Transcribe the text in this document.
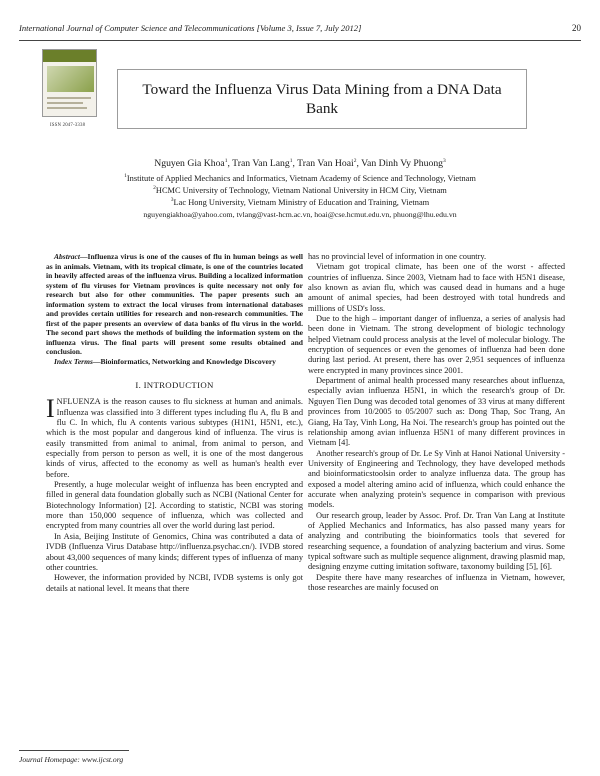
International Journal of Computer Science and Telecommunications [Volume 3, Issue 7, July 2012]	20
ISSN 2047-3338
Toward the Influenza Virus Data Mining from a DNA Data Bank
Nguyen Gia Khoa$^1$, Tran Van Lang$^1$, Tran Van Hoai$^2$, Van Dinh Vy Phuong$^3$
$^1$Institute of Applied Mechanics and Informatics, Vietnam Academy of Science and Technology, Vietnam
$^2$HCMC University of Technology, Vietnam National University in HCM City, Vietnam
$^3$Lac Hong University, Vietnam Ministry of Education and Training, Vietnam
nguyengiakhoa@yahoo.com, tvlang@vast-hcm.ac.vn, hoai@cse.hcmut.edu.vn, phuong@lhu.edu.vn

Abstract—Influenza virus is one of the causes of flu in human beings as well as in animals. Vietnam, with its tropical climate, is one of the countries located in heavily affected areas of the influenza virus. Building a localized information system of flu viruses for Vietnam provinces is quite necessary not only for research but also for other communities. The paper presents such an information system to extract the local viruses from international databases and provides certain utilities for research and non-research communities. The first of the paper presents an overview of data banks of flu virus in the world. The second part shows the methods of building the information system on the influenza virus. The final parts will present some results obtained and conclusion.

Index Terms—Bioinformatics, Networking and Knowledge Discovery

I. INTRODUCTION

INFLUENZA is the reason causes to flu sickness at human and animals. Influenza was classified into 3 different types including flu A, flu B and flu C. In which, flu A contents various subtypes (H1N1, H5N1, etc.), which is the most popular and dangerous kind of influenza. The virus is easily transmitted from animal to animal, from animal to person, and especially from person to person as well, it is one of the most dangerous kinds of virus, affected to the economy as well as human's health ever before.

Presently, a huge molecular weight of influenza has been encrypted and filled in general data foundation globally such as NCBI (National Center for Biotechnology Information) [2]. According to statistic, NCBI was storing more than 150,000 sequence of influenza, which was collected and encrypted from many countries all over the world during last period.

In Asia, Beijing Institute of Genomics, China was contributed a data of IVDB (Influenza Virus Database http://influenza.psychac.cn/). IVDB stored about 43,000 sequences of many kinds; different types of influenza of many other countries.

However, the information provided by NCBI, IVDB systems is only got details at national level. It means that there

has no provincial level of information in one country.

Vietnam got tropical climate, has been one of the worst - affected countries of influenza. Since 2003, Vietnam had to face with H5N1 disease, also known as avian flu, which was caused dead in humans and a huge amount of animal species, had been destroyed with total hundreds and millions of USD's loss.

Due to the high – important danger of influenza, a series of analysis had been done in Vietnam. The strong development of biologic technology helped Vietnam could process analysis at the level of molecular biology. The encryption of sequences or even the genomes of influenza had been done during last period. At present, there has over 2,951 sequences of influenza were encrypted in many provinces since 2001.

Department of animal health processed many researches about influenza, especially avian influenza H5N1, in which the research's group of Dr. Nguyen Tien Dung was decoded total genomes of 33 virus at many different provinces from 10/2005 to 05/2007 such as: Dong Thap, Soc Trang, An Giang, Ha Tay, Vinh Long, Ha Noi. The research's group has pointed out the relationship among avian influenza H5N1 of many different provinces in Vietnam [4].

Another research's group of Dr. Le Sy Vinh at Hanoi National University - University of Engineering and Technology, they have developed methods and bioinformaticstoolsin order to analyze influenza data. The group has exposed a model altering amino acid of influenza, which could enhance the accurate when analyzing protein's sequence in comparison with previous models.

Our research group, leader by Assoc. Prof. Dr. Tran Van Lang at Institute of Applied Mechanics and Informatics, has also passed many years for analyzing and contributing the bioinformatics tools that severed for researching sequence, a foundation of analyzing bacterium and virus. Some typical software such as multiple sequence alignment, drawing plasmid map, designing enzyme cutting imitation software, taxonomy building [5], [6].

Despite there have many researches of influenza in Vietnam, however, those researches are mainly focused on

Journal Homepage: www.ijcst.org
